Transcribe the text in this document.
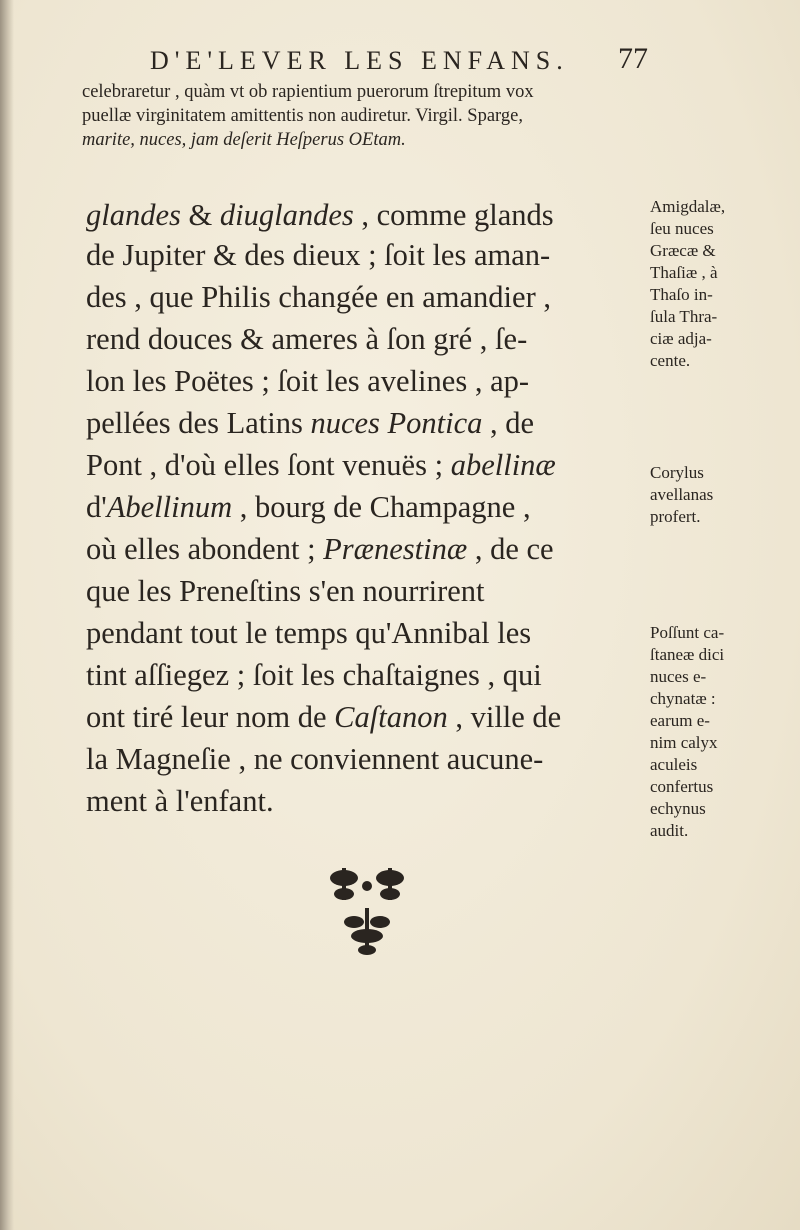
D'E'LEVER LES ENFANS. 77
celebraretur , quàm vt ob rapientium puerorum ſtrepitum vox
puellæ virginitatem amittentis non audiretur. Virgil. Sparge,
marite, nuces, jam deſerit Heſperus OEtam.
glandes & diuglandes , comme glands
de Jupiter & des dieux ; ſoit les aman-
des , que Philis changée en amandier ,
rend douces & ameres à ſon gré , ſe-
lon les Poëtes ; ſoit les avelines , ap-
pellées des Latins nuces Pontica , de
Pont , d'où elles ſont venuës ; abellinæ
d'Abellinum , bourg de Champagne ,
où elles abondent ; Prænestinæ , de ce
que les Preneſtins s'en nourrirent
pendant tout le temps qu'Annibal les
tint aſſiegez ; ſoit les chaſtaignes , qui
ont tiré leur nom de Caſtanon , ville de
la Magneſie , ne conviennent aucune-
ment à l'enfant.
Amigdalæ,
ſeu nuces
Græcæ &
Thaſiæ , à
Thaſo in-
ſula Thra-
ciæ adja-
cente.
Corylus
avellanas
profert.
Poſſunt ca-
ſtaneæ dici
nuces e-
chynatæ :
earum e-
nim calyx
aculeis
confertus
echynus
audit.
